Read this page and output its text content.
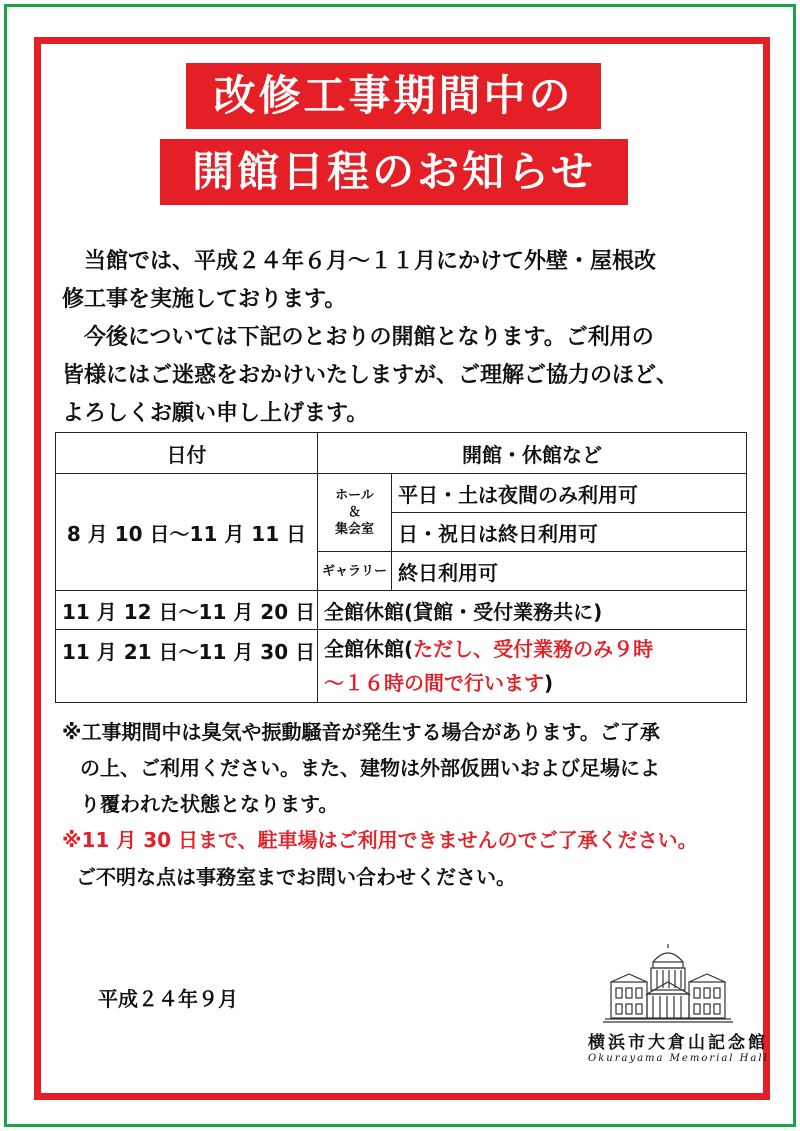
改修工事期間中の
開館日程のお知らせ

　当館では、平成２４年６月～１１月にかけて外壁・屋根改

修工事を実施しております。

　今後については下記のとおりの開館となります。ご利用の

皆様にはご迷惑をおかけいたしますが、ご理解ご協力のほど、

よろしくお願い申し上げます。

日付	開館・休館など	
8 月 10 日～11 月 11 日	ホール
＆
集会室	平日・土は夜間のみ利用可
		日・祝日は終日利用可
	ギャラリー	終日利用可
11 月 12 日～11 月 20 日	全館休館(貸館・受付業務共に)	
11 月 21 日～11 月 30 日	全館休館(ただし、受付業務のみ９時
～１６時の間で行います)	

※工事期間中は臭気や振動騒音が発生する場合があります。ご了承

の上、ご利用ください。また、建物は外部仮囲いおよび足場によ

り覆われた状態となります。

※11 月 30 日まで、駐車場はご利用できませんのでご了承ください。

ご不明な点は事務室までお問い合わせください。

平成２４年９月
横浜市大倉山記念館
Okurayama Memorial Hall
